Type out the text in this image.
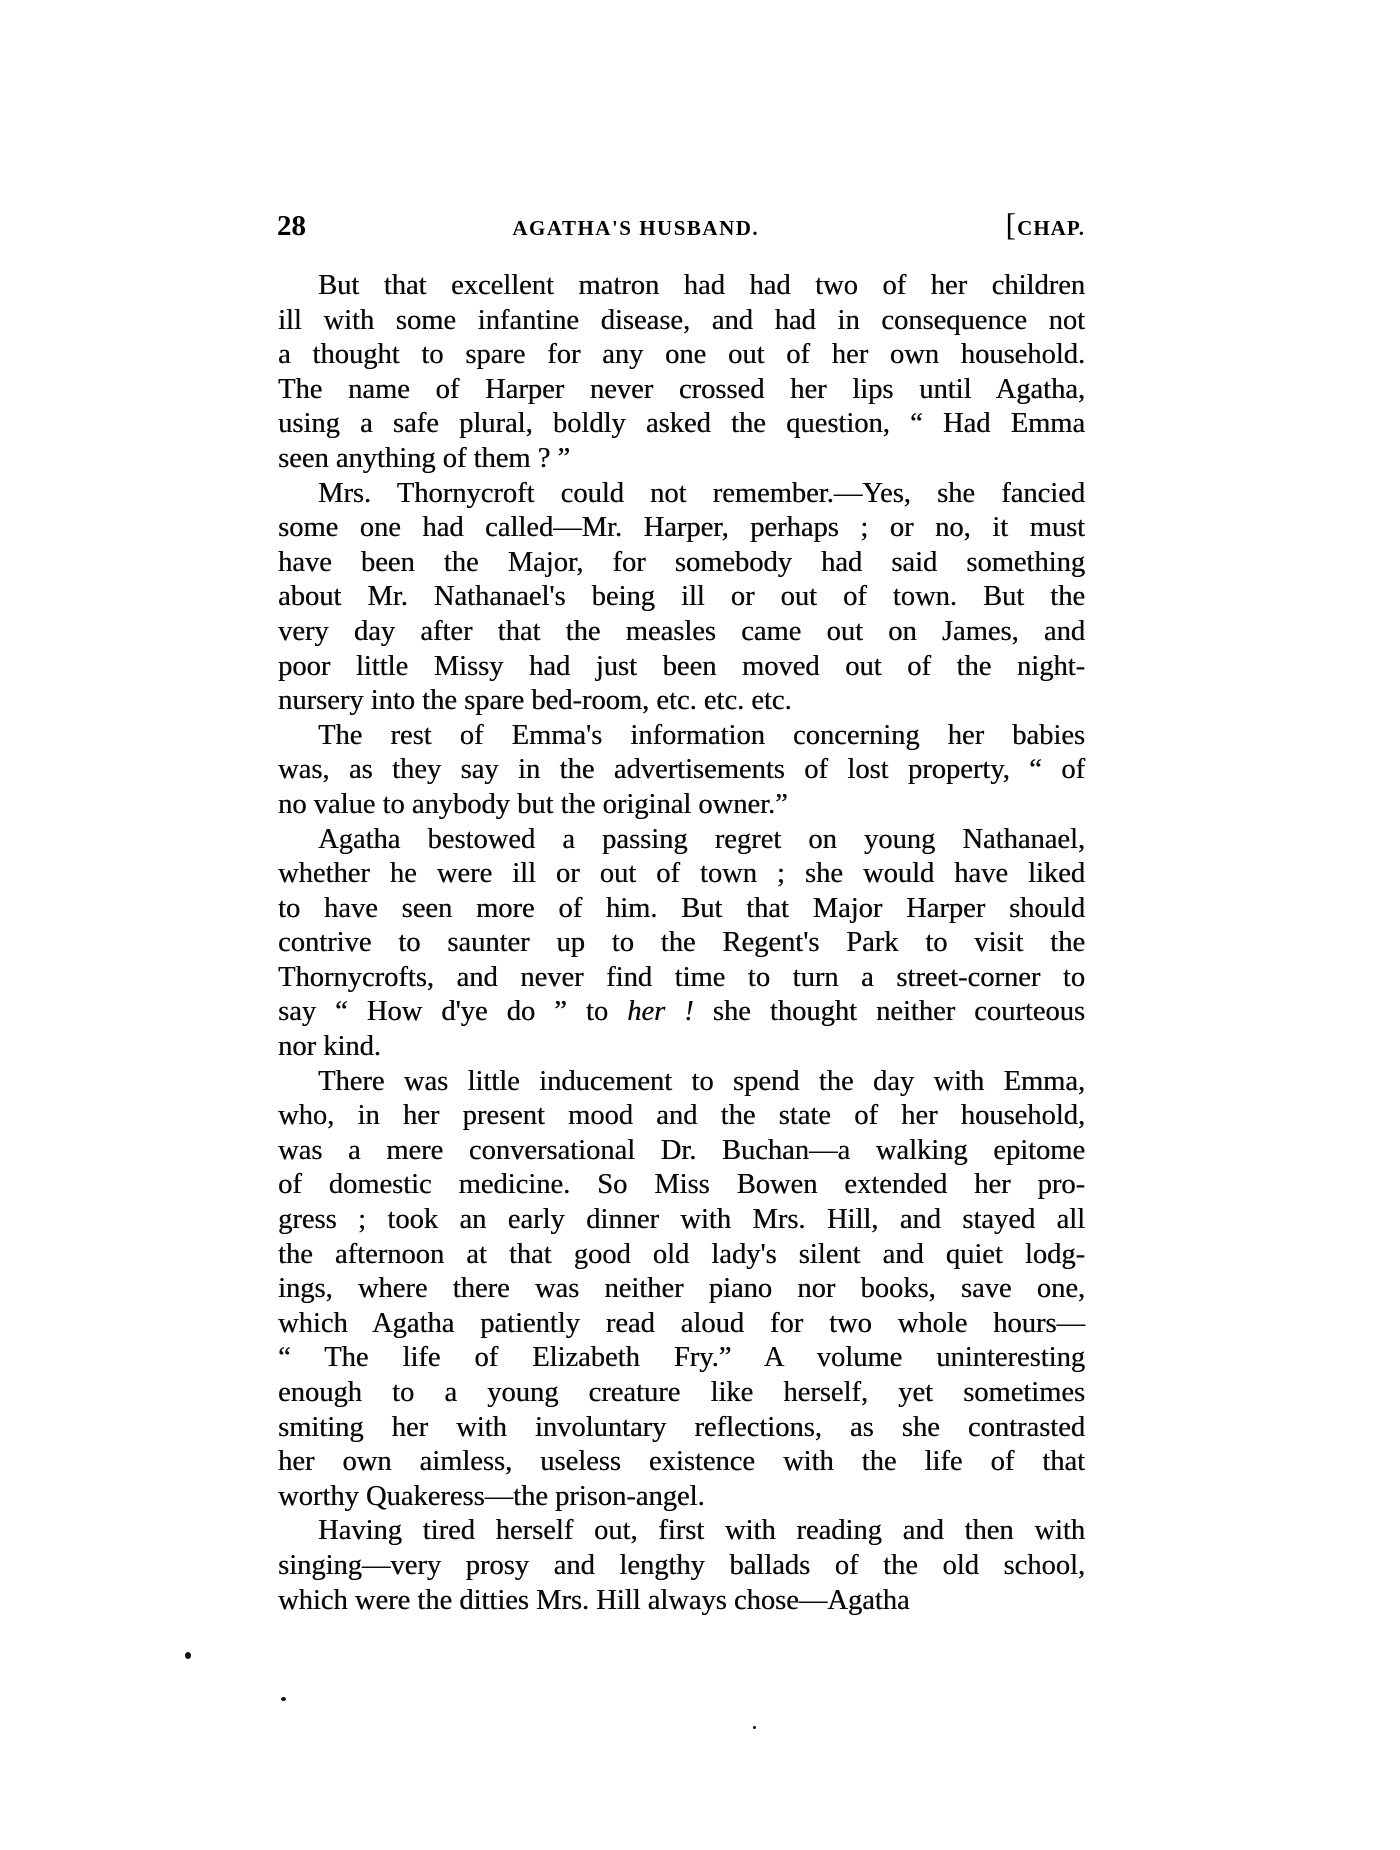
28	AGATHA'S HUSBAND.	[CHAP.
But that excellent matron had had two of her children
ill with some infantine disease, and had in consequence not
a thought to spare for any one out of her own household.
The name of Harper never crossed her lips until Agatha,
using a safe plural, boldly asked the question, “ Had Emma
seen anything of them ? ”
Mrs. Thornycroft could not remember.—Yes, she fancied
some one had called—Mr. Harper, perhaps ; or no, it must
have been the Major, for somebody had said something
about Mr. Nathanael's being ill or out of town. But the
very day after that the measles came out on James, and
poor little Missy had just been moved out of the night-
nursery into the spare bed-room, etc. etc. etc.
The rest of Emma's information concerning her babies
was, as they say in the advertisements of lost property, “ of
no value to anybody but the original owner.”
Agatha bestowed a passing regret on young Nathanael,
whether he were ill or out of town ; she would have liked
to have seen more of him. But that Major Harper should
contrive to saunter up to the Regent's Park to visit the
Thornycrofts, and never find time to turn a street-corner to
say “ How d'ye do ” to her ! she thought neither courteous
nor kind.
There was little inducement to spend the day with Emma,
who, in her present mood and the state of her household,
was a mere conversational Dr. Buchan—a walking epitome
of domestic medicine. So Miss Bowen extended her pro-
gress ; took an early dinner with Mrs. Hill, and stayed all
the afternoon at that good old lady's silent and quiet lodg-
ings, where there was neither piano nor books, save one,
which Agatha patiently read aloud for two whole hours—
“ The life of Elizabeth Fry.” A volume uninteresting
enough to a young creature like herself, yet sometimes
smiting her with involuntary reflections, as she contrasted
her own aimless, useless existence with the life of that
worthy Quakeress—the prison-angel.
Having tired herself out, first with reading and then with
singing—very prosy and lengthy ballads of the old school,
which were the ditties Mrs. Hill always chose—Agatha
